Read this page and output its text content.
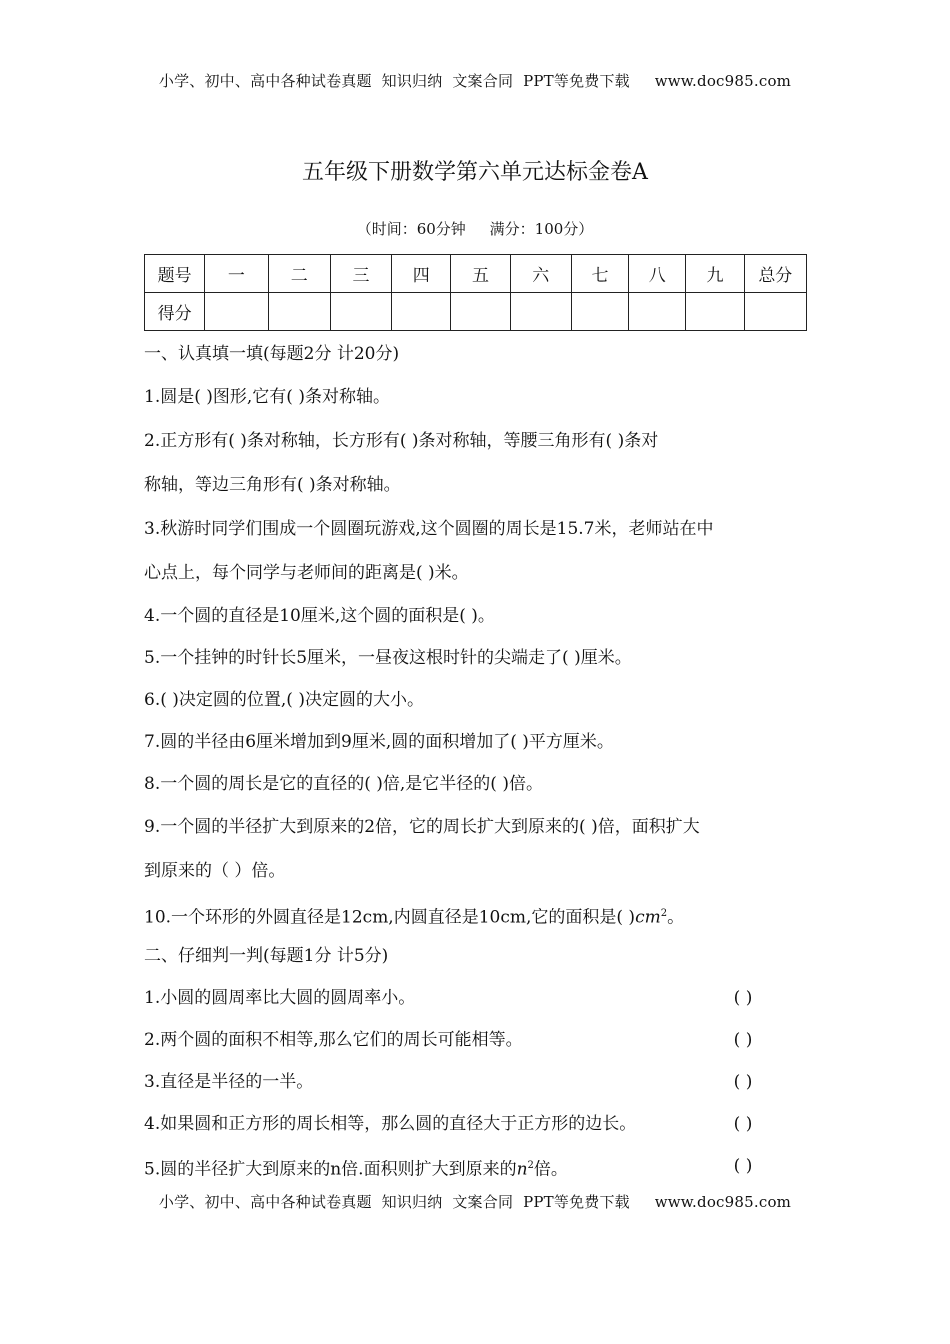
小学、初中、高中各种试卷真题  知识归纳  文案合同  PPT等免费下载     www.doc985.com
五年级下册数学第六单元达标金卷A
（时间：60分钟     满分：100分）
题号	一	二	三	四	五	六	七	八	九	总分
得分										
一、认真填一填(每题2分 计20分)
1.圆是( )图形,它有( )条对称轴。
2.正方形有( )条对称轴，长方形有( )条对称轴，等腰三角形有( )条对
称轴，等边三角形有( )条对称轴。
3.秋游时同学们围成一个圆圈玩游戏,这个圆圈的周长是15.7米，老师站在中
心点上，每个同学与老师间的距离是( )米。
4.一个圆的直径是10厘米,这个圆的面积是( )。
5.一个挂钟的时针长5厘米，一昼夜这根时针的尖端走了( )厘米。
6.( )决定圆的位置,( )决定圆的大小。
7.圆的半径由6厘米增加到9厘米,圆的面积增加了( )平方厘米。
8.一个圆的周长是它的直径的( )倍,是它半径的( )倍。
9.一个圆的半径扩大到原来的2倍，它的周长扩大到原来的( )倍，面积扩大
到原来的（ ）倍。
10.一个环形的外圆直径是12cm,内圆直径是10cm,它的面积是( )$cm^2$。
二、仔细判一判(每题1分 计5分)
1.小圆的圆周率比大圆的圆周率小。	( )
2.两个圆的面积不相等,那么它们的周长可能相等。	( )
3.直径是半径的一半。	( )
4.如果圆和正方形的周长相等，那么圆的直径大于正方形的边长。	( )
5.圆的半径扩大到原来的n倍.面积则扩大到原来的$n^2$倍。	( )
小学、初中、高中各种试卷真题  知识归纳  文案合同  PPT等免费下载     www.doc985.com
